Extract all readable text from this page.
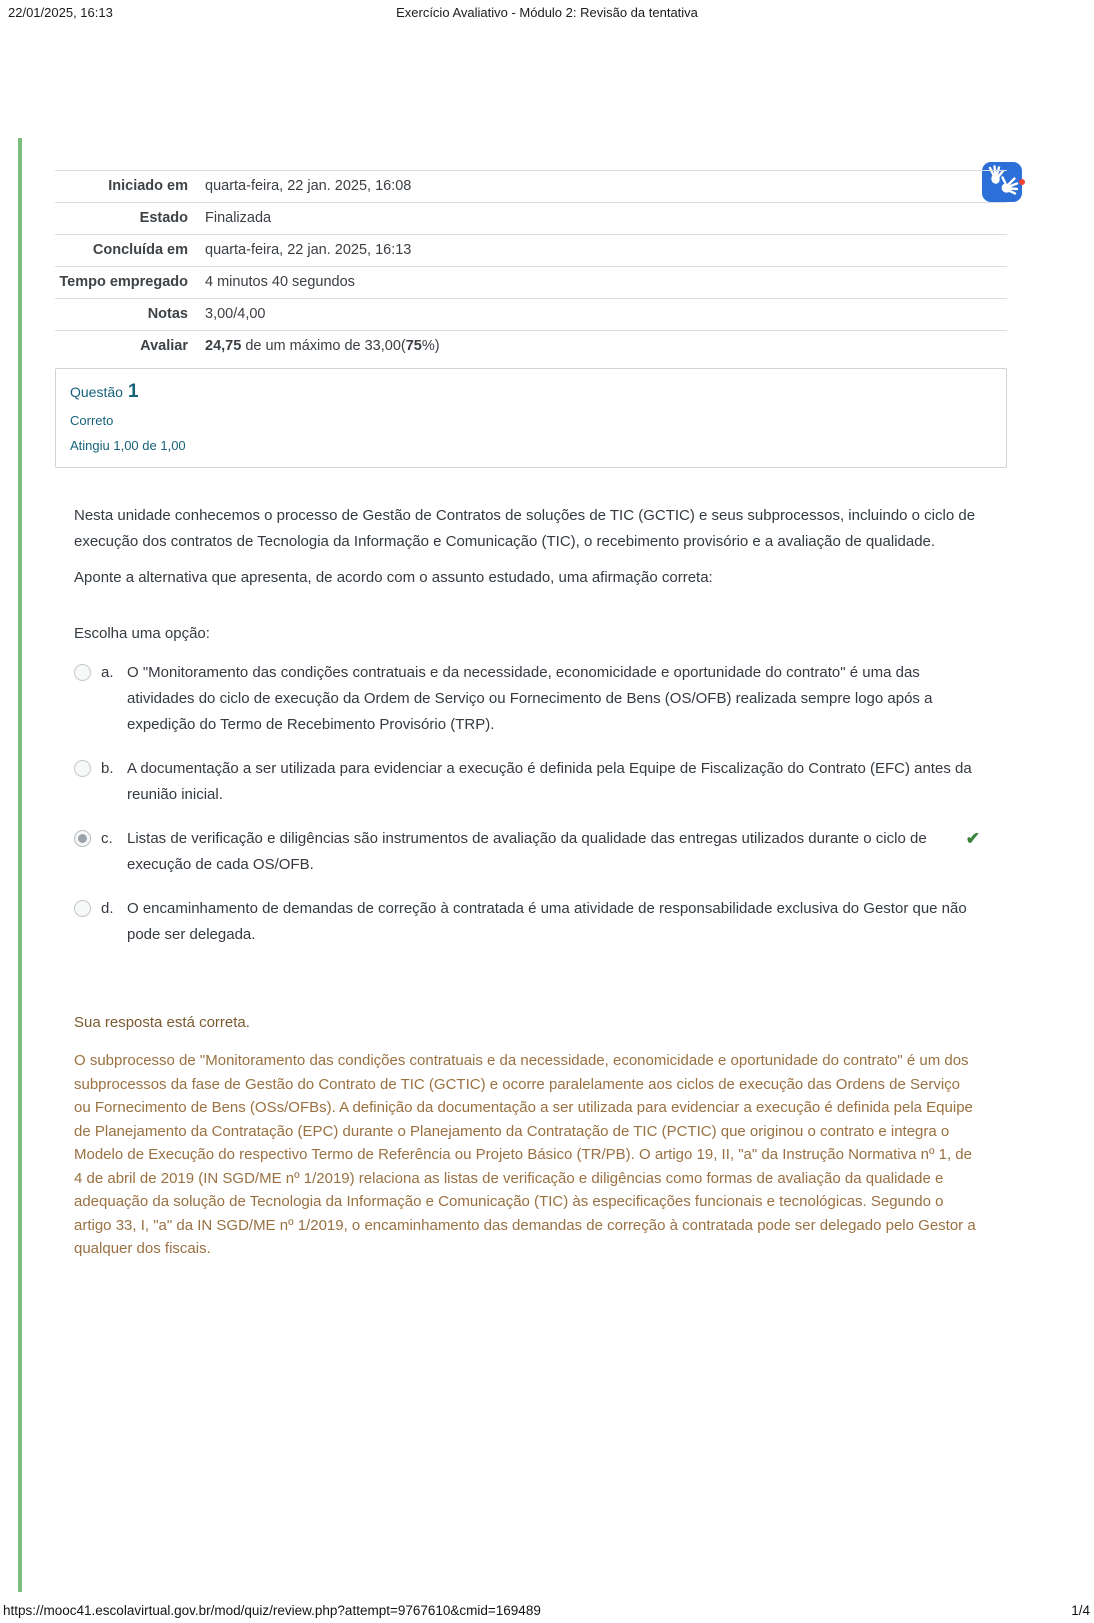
22/01/2025, 16:13	Exercício Avaliativo - Módulo 2: Revisão da tentativa
Iniciado em	quarta-feira, 22 jan. 2025, 16:08
Estado	Finalizada
Concluída em	quarta-feira, 22 jan. 2025, 16:13
Tempo empregado	4 minutos 40 segundos
Notas	3,00/4,00
Avaliar	24,75 de um máximo de 33,00(75%)
Questão 1
Correto
Atingiu 1,00 de 1,00

Nesta unidade conhecemos o processo de Gestão de Contratos de soluções de TIC (GCTIC) e seus subprocessos, incluindo o ciclo de execução dos contratos de Tecnologia da Informação e Comunicação (TIC), o recebimento provisório e a avaliação de qualidade.

Aponte a alternativa que apresenta, de acordo com o assunto estudado, uma afirmação correta:

Escolha uma opção:

a. O "Monitoramento das condições contratuais e da necessidade, economicidade e oportunidade do contrato" é uma das atividades do ciclo de execução da Ordem de Serviço ou Fornecimento de Bens (OS/OFB) realizada sempre logo após a expedição do Termo de Recebimento Provisório (TRP).
b. A documentação a ser utilizada para evidenciar a execução é definida pela Equipe de Fiscalização do Contrato (EFC) antes da reunião inicial.
c. Listas de verificação e diligências são instrumentos de avaliação da qualidade das entregas utilizados durante o ciclo de execução de cada OS/OFB.
✔
d. O encaminhamento de demandas de correção à contratada é uma atividade de responsabilidade exclusiva do Gestor que não pode ser delegada.

Sua resposta está correta.

O subprocesso de "Monitoramento das condições contratuais e da necessidade, economicidade e oportunidade do contrato" é um dos subprocessos da fase de Gestão do Contrato de TIC (GCTIC) e ocorre paralelamente aos ciclos de execução das Ordens de Serviço ou Fornecimento de Bens (OSs/OFBs). A definição da documentação a ser utilizada para evidenciar a execução é definida pela Equipe de Planejamento da Contratação (EPC) durante o Planejamento da Contratação de TIC (PCTIC) que originou o contrato e integra o Modelo de Execução do respectivo Termo de Referência ou Projeto Básico (TR/PB). O artigo 19, II, "a" da Instrução Normativa nº 1, de 4 de abril de 2019 (IN SGD/ME nº 1/2019) relaciona as listas de verificação e diligências como formas de avaliação da qualidade e adequação da solução de Tecnologia da Informação e Comunicação (TIC) às especificações funcionais e tecnológicas. Segundo o artigo 33, I, "a" da IN SGD/ME nº 1/2019, o encaminhamento das demandas de correção à contratada pode ser delegado pelo Gestor a qualquer dos fiscais.

https://mooc41.escolavirtual.gov.br/mod/quiz/review.php?attempt=9767610&cmid=169489	1/4
